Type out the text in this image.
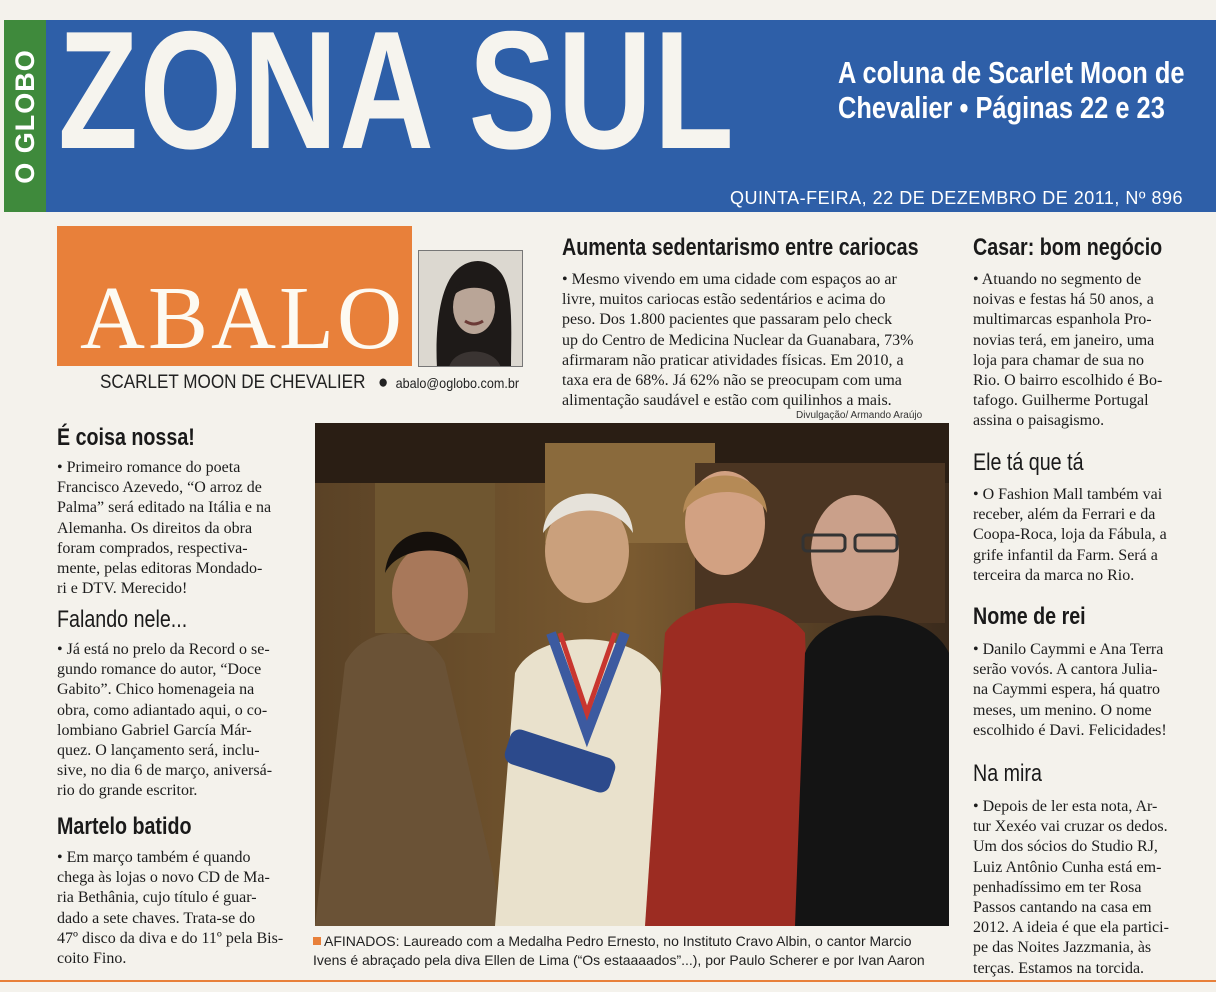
O GLOBO ZONA SUL	A coluna de Scarlet Moon de
Chevalier • Páginas 22 e 23
QUINTA-FEIRA, 22 DE DEZEMBRO DE 2011, Nº 896
ABALO
SCARLET MOON DE CHEVALIER ● abalo@oglobo.com.br
Aumenta sedentarismo entre cariocas
• Mesmo vivendo em uma cidade com espaços ao ar
livre, muitos cariocas estão sedentários e acima do
peso. Dos 1.800 pacientes que passaram pelo check
up do Centro de Medicina Nuclear da Guanabara, 73%
afirmaram não praticar atividades físicas. Em 2010, a
taxa era de 68%. Já 62% não se preocupam com uma
alimentação saudável e estão com quilinhos a mais.
É coisa nossa!
• Primeiro romance do poeta
Francisco Azevedo, “O arroz de
Palma” será editado na Itália e na
Alemanha. Os direitos da obra
foram comprados, respectiva-
mente, pelas editoras Mondado-
ri e DTV. Merecido!
Falando nele...
• Já está no prelo da Record o se-
gundo romance do autor, “Doce
Gabito”. Chico homenageia na
obra, como adiantado aqui, o co-
lombiano Gabriel García Már-
quez. O lançamento será, inclu-
sive, no dia 6 de março, aniversá-
rio do grande escritor.
Martelo batido
• Em março também é quando
chega às lojas o novo CD de Ma-
ria Bethânia, cujo título é guar-
dado a sete chaves. Trata-se do
47º disco da diva e do 11º pela Bis-
coito Fino.
Divulgação/ Armando Araújo
AFINADOS: Laureado com a Medalha Pedro Ernesto, no Instituto Cravo Albin, o cantor Marcio
Ivens é abraçado pela diva Ellen de Lima (“Os estaaaados”...), por Paulo Scherer e por Ivan Aaron
Casar: bom negócio
• Atuando no segmento de
noivas e festas há 50 anos, a
multimarcas espanhola Pro-
novias terá, em janeiro, uma
loja para chamar de sua no
Rio. O bairro escolhido é Bo-
tafogo. Guilherme Portugal
assina o paisagismo.
Ele tá que tá
• O Fashion Mall também vai
receber, além da Ferrari e da
Coopa-Roca, loja da Fábula, a
grife infantil da Farm. Será a
terceira da marca no Rio.
Nome de rei
• Danilo Caymmi e Ana Terra
serão vovós. A cantora Julia-
na Caymmi espera, há quatro
meses, um menino. O nome
escolhido é Davi. Felicidades!
Na mira
• Depois de ler esta nota, Ar-
tur Xexéo vai cruzar os dedos.
Um dos sócios do Studio RJ,
Luiz Antônio Cunha está em-
penhadíssimo em ter Rosa
Passos cantando na casa em
2012. A ideia é que ela partici-
pe das Noites Jazzmania, às
terças. Estamos na torcida.
